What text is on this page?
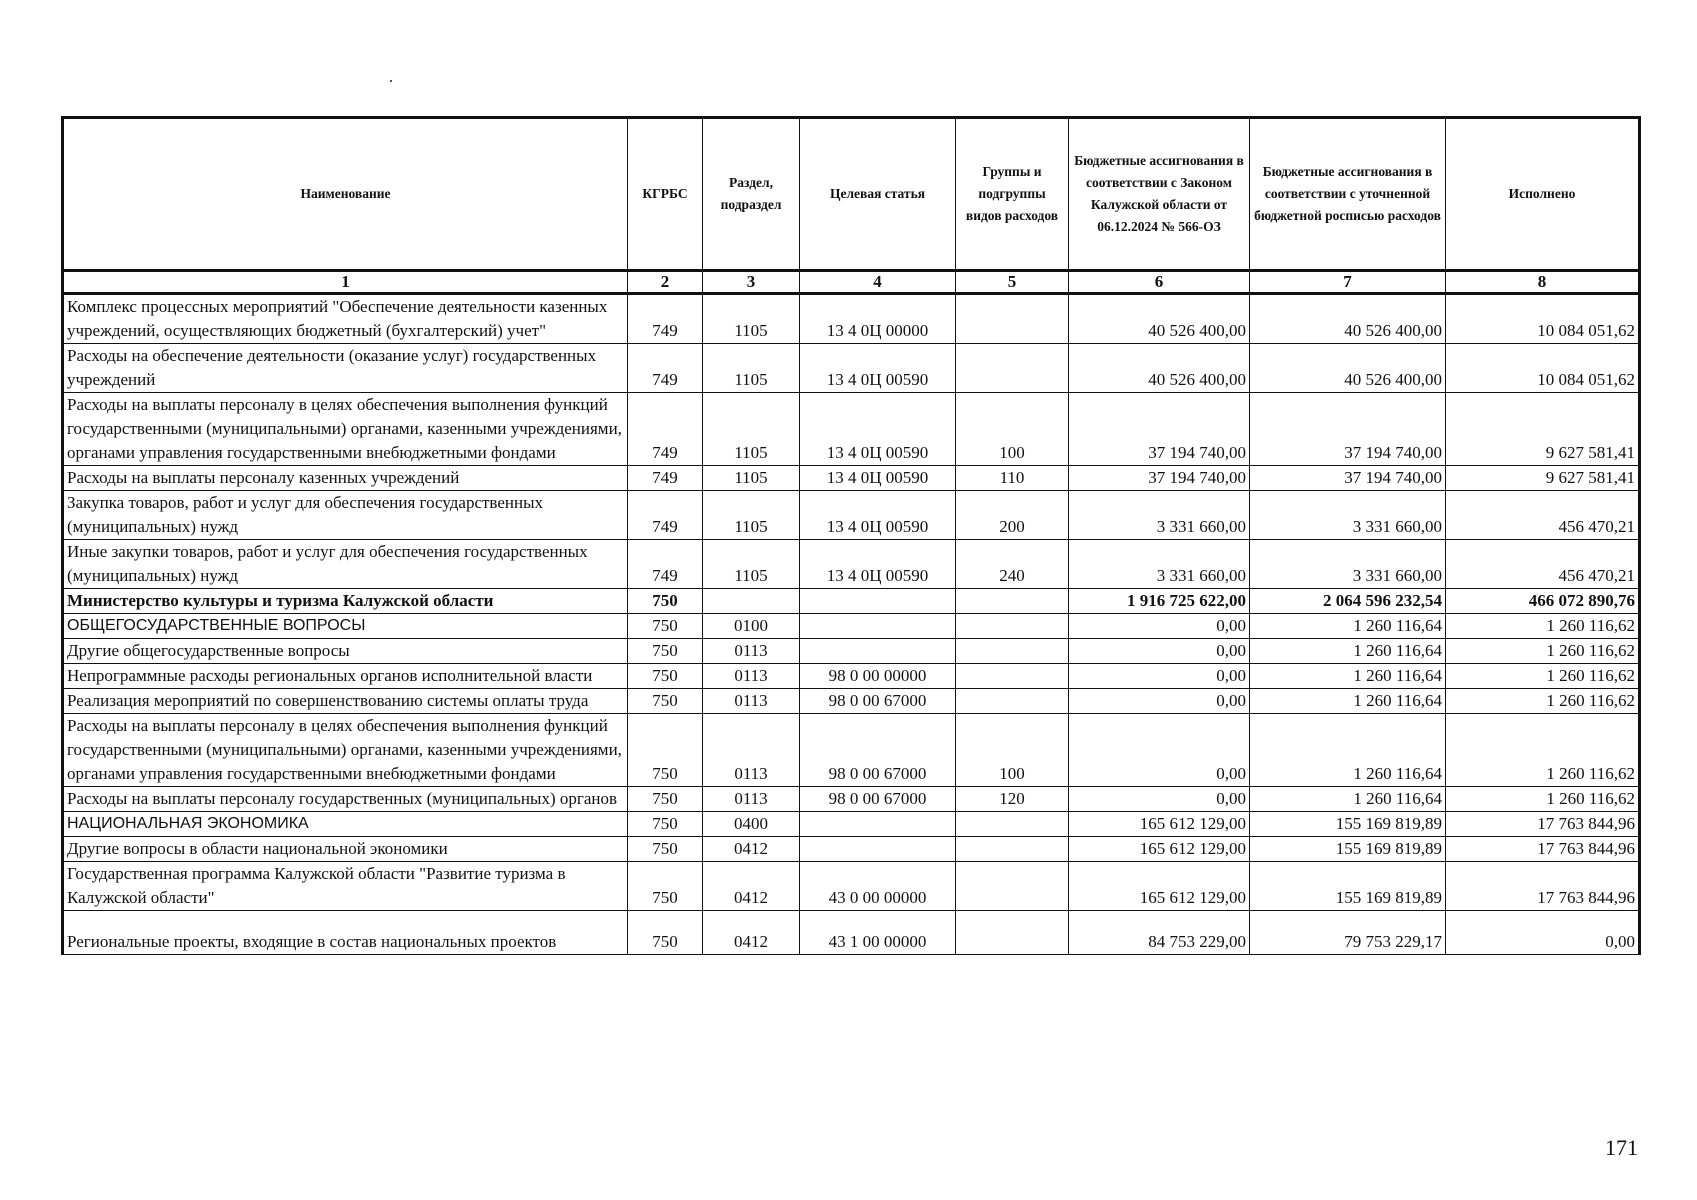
Наименование	КГРБС	Раздел, подраздел	Целевая статья	Группы и подгруппы видов расходов	Бюджетные ассигнования в соответствии с Законом Калужской области от 06.12.2024 № 566-ОЗ	Бюджетные ассигнования в соответствии с уточненной бюджетной росписью расходов	Исполнено
1	2	3	4	5	6	7	8
Комплекс процессных мероприятий "Обеспечение деятельности казенных учреждений, осуществляющих бюджетный (бухгалтерский) учет"	749	1105	13 4 0Ц 00000		40 526 400,00	40 526 400,00	10 084 051,62
Расходы на обеспечение деятельности (оказание услуг) государственных учреждений	749	1105	13 4 0Ц 00590		40 526 400,00	40 526 400,00	10 084 051,62
Расходы на выплаты персоналу в целях обеспечения выполнения функций государственными (муниципальными) органами, казенными учреждениями, органами управления государственными внебюджетными фондами	749	1105	13 4 0Ц 00590	100	37 194 740,00	37 194 740,00	9 627 581,41
Расходы на выплаты персоналу казенных учреждений	749	1105	13 4 0Ц 00590	110	37 194 740,00	37 194 740,00	9 627 581,41
Закупка товаров, работ и услуг для обеспечения государственных (муниципальных) нужд	749	1105	13 4 0Ц 00590	200	3 331 660,00	3 331 660,00	456 470,21
Иные закупки товаров, работ и услуг для обеспечения государственных (муниципальных) нужд	749	1105	13 4 0Ц 00590	240	3 331 660,00	3 331 660,00	456 470,21
Министерство культуры и туризма Калужской области	750				1 916 725 622,00	2 064 596 232,54	466 072 890,76
ОБЩЕГОСУДАРСТВЕННЫЕ ВОПРОСЫ	750	0100			0,00	1 260 116,64	1 260 116,62
Другие общегосударственные вопросы	750	0113			0,00	1 260 116,64	1 260 116,62
Непрограммные расходы региональных органов исполнительной власти	750	0113	98 0 00 00000		0,00	1 260 116,64	1 260 116,62
Реализация мероприятий по совершенствованию системы оплаты труда	750	0113	98 0 00 67000		0,00	1 260 116,64	1 260 116,62
Расходы на выплаты персоналу в целях обеспечения выполнения функций государственными (муниципальными) органами, казенными учреждениями, органами управления государственными внебюджетными фондами	750	0113	98 0 00 67000	100	0,00	1 260 116,64	1 260 116,62
Расходы на выплаты персоналу государственных (муниципальных) органов	750	0113	98 0 00 67000	120	0,00	1 260 116,64	1 260 116,62
НАЦИОНАЛЬНАЯ ЭКОНОМИКА	750	0400			165 612 129,00	155 169 819,89	17 763 844,96
Другие вопросы в области национальной экономики	750	0412			165 612 129,00	155 169 819,89	17 763 844,96
Государственная программа Калужской области "Развитие туризма в Калужской области"	750	0412	43 0 00 00000		165 612 129,00	155 169 819,89	17 763 844,96
Региональные проекты, входящие в состав национальных проектов	750	0412	43 1 00 00000		84 753 229,00	79 753 229,17	0,00
171
